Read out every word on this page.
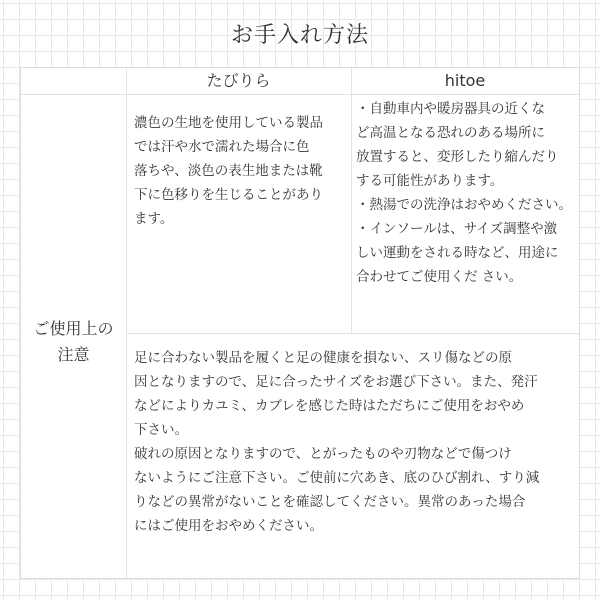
お手入れ方法
たびりら	hitoe

ご使用上の

注意

濃色の生地を使用している製品

では汗や水で濡れた場合に色

落ちや、淡色の表生地または靴

下に色移りを生じることがあり

ます。

・自動車内や暖房器具の近くな

ど高温となる恐れのある場所に

放置すると、変形したり縮んだり

する可能性があります。

・熱湯での洗浄はおやめください。

・インソールは、サイズ調整や激

しい運動をされる時など、用途に

合わせてご使用くだ さい。

足に合わない製品を履くと足の健康を損ない、スリ傷などの原

因となりますので、足に合ったサイズをお選び下さい。また、発汗

などによりカユミ、カブレを感じた時はただちにご使用をおやめ

下さい。

破れの原因となりますので、とがったものや刃物などで傷つけ

ないようにご注意下さい。ご使前に穴あき、底のひび割れ、すり減

りなどの異常がないことを確認してください。異常のあった場合

にはご使用をおやめください。
